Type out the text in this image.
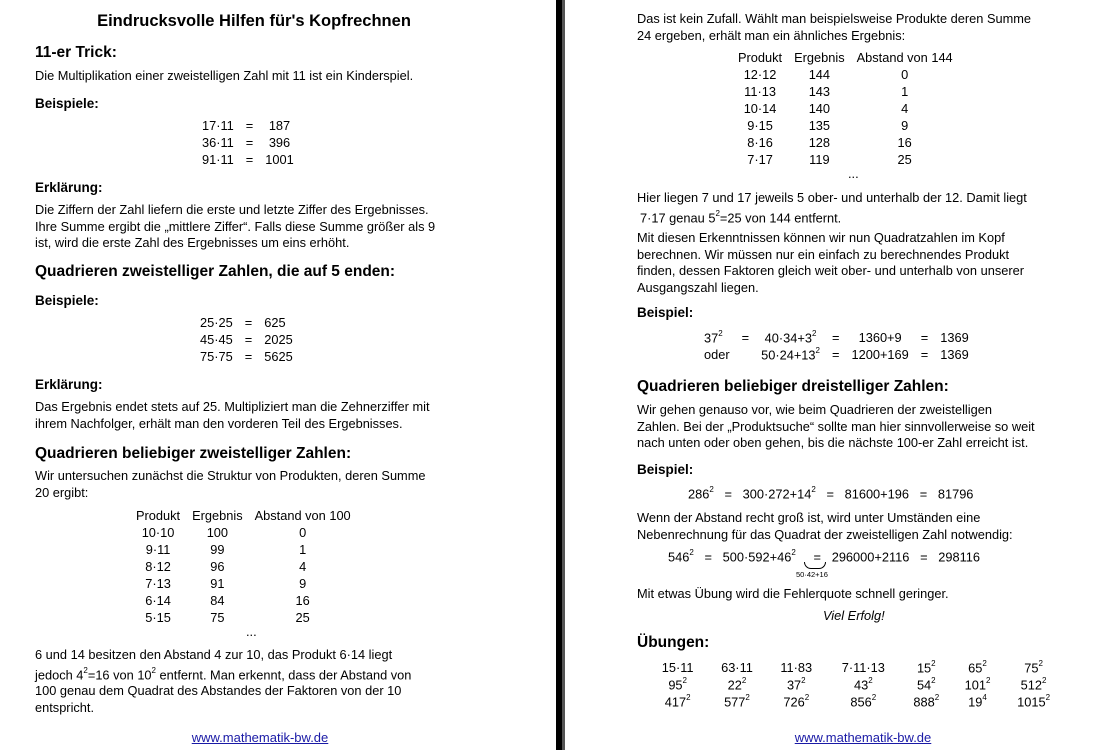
Eindrucksvolle Hilfen für's Kopfrechnen
11-er Trick:
Die Multiplikation einer zweistelligen Zahl mit 11 ist ein Kinderspiel.
Beispiele:
17·11	=	187
36·11	=	396
91·11	=	1001
Erklärung:
Die Ziffern der Zahl liefern die erste und letzte Ziffer des Ergebnisses.
Ihre Summe ergibt die „mittlere Ziffer“. Falls diese Summe größer als 9
ist, wird die erste Zahl des Ergebnisses um eins erhöht.
Quadrieren zweistelliger Zahlen, die auf 5 enden:
Beispiele:
25·25	=	625
45·45	=	2025
75·75	=	5625
Erklärung:
Das Ergebnis endet stets auf 25. Multipliziert man die Zehnerziffer mit
ihrem Nachfolger, erhält man den vorderen Teil des Ergebnisses.
Quadrieren beliebiger zweistelliger Zahlen:
Wir untersuchen zunächst die Struktur von Produkten, deren Summe
20 ergibt:
Produkt	Ergebnis	Abstand von 100
10·10	100	0
9·11	99	1
8·12	96	4
7·13	91	9
6·14	84	16
5·15	75	25
...
6 und 14 besitzen den Abstand 4 zur 10, das Produkt 6·14 liegt
jedoch $4^2=16$ von $10^2$ entfernt. Man erkennt, dass der Abstand von
100 genau dem Quadrat des Abstandes der Faktoren von der 10
entspricht.
www.mathematik-bw.de
Das ist kein Zufall. Wählt man beispielsweise Produkte deren Summe
24 ergeben, erhält man ein ähnliches Ergebnis:
Produkt	Ergebnis	Abstand von 144
12·12	144	0
11·13	143	1
10·14	140	4
9·15	135	9
8·16	128	16
7·17	119	25
...
Hier liegen 7 und 17 jeweils 5 ober- und unterhalb der 12. Damit liegt
7·17 genau $5^2=25$ von 144 entfernt.
Mit diesen Erkenntnissen können wir nun Quadratzahlen im Kopf
berechnen. Wir müssen nur ein einfach zu berechnendes Produkt
finden, dessen Faktoren gleich weit ober- und unterhalb von unserer
Ausgangszahl liegen.
Beispiel:
$37^2$	=	$40\cdot 34+3^2$	=	1360+9	=	1369
oder		$50\cdot 24+13^2$	=	1200+169	=	1369
Quadrieren beliebiger dreistelliger Zahlen:
Wir gehen genauso vor, wie beim Quadrieren der zweistelligen
Zahlen. Bei der „Produktsuche“ sollte man hier sinnvollerweise so weit
nach unten oder oben gehen, bis die nächste 100-er Zahl erreicht ist.
Beispiel:
$286^2 = 300\cdot 272+14^2 = 81600+196 = 81796$
Wenn der Abstand recht groß ist, wird unter Umständen eine
Nebenrechnung für das Quadrat der zweistelligen Zahl notwendig:
$546^2 = 500\cdot 592+46^2 = 296000+2116 = 298116$
50·42+16
Mit etwas Übung wird die Fehlerquote schnell geringer.
Viel Erfolg!
Übungen:
15·11	63·11	11·83	7·11·13	$15^2$	$65^2$	$75^2$
$95^2$	$22^2$	$37^2$	$43^2$	$54^2$	$101^2$	$512^2$
$417^2$	$577^2$	$726^2$	$856^2$	$888^2$	$19^4$	1015$^2$
www.mathematik-bw.de
